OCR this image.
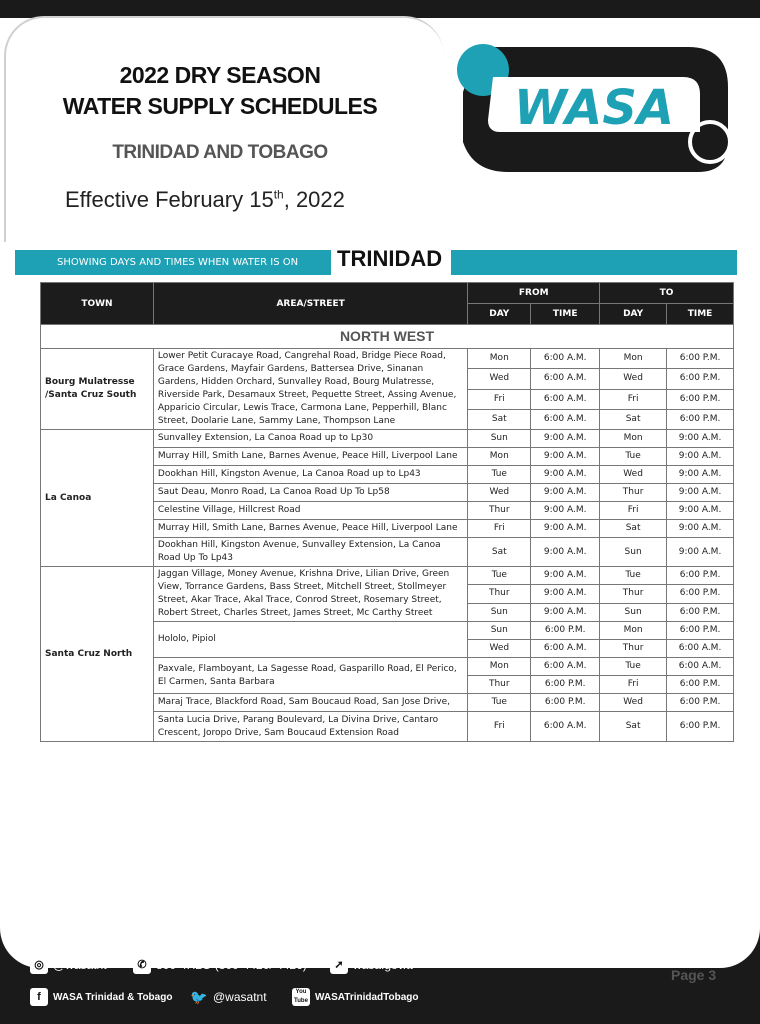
2022 DRY SEASON
WATER SUPPLY SCHEDULES
TRINIDAD AND TOBAGO
Effective February 15th, 2022
WASA
SHOWING DAYS AND TIMES WHEN WATER IS ON	TRINIDAD
TOWN	AREA/STREET	FROM		TO	
		DAY	TIME	DAY	TIME
NORTH WEST					
Bourg Mulatresse /Santa Cruz South	Lower Petit Curacaye Road, Cangrehal Road, Bridge Piece Road, Grace Gardens, Mayfair Gardens, Battersea Drive, Sinanan Gardens, Hidden Orchard, Sunvalley Road, Bourg Mulatresse, Riverside Park, Desamaux Street, Pequette Street, Assing Avenue, Apparicio Circular, Lewis Trace, Carmona Lane, Pepperhill, Blanc Street, Doolarie Lane, Sammy Lane, Thompson Lane	Mon	6:00 A.M.	Mon	6:00 P.M.
		Wed	6:00 A.M.	Wed	6:00 P.M.
		Fri	6:00 A.M.	Fri	6:00 P.M.
		Sat	6:00 A.M.	Sat	6:00 P.M.
La Canoa	Sunvalley Extension, La Canoa Road up to Lp30	Sun	9:00 A.M.	Mon	9:00 A.M.
	Murray Hill, Smith Lane, Barnes Avenue, Peace Hill, Liverpool Lane	Mon	9:00 A.M.	Tue	9:00 A.M.
	Dookhan Hill, Kingston Avenue, La Canoa Road up to Lp43	Tue	9:00 A.M.	Wed	9:00 A.M.
	Saut Deau, Monro Road, La Canoa Road Up To Lp58	Wed	9:00 A.M.	Thur	9:00 A.M.
	Celestine Village, Hillcrest Road	Thur	9:00 A.M.	Fri	9:00 A.M.
	Murray Hill, Smith Lane, Barnes Avenue, Peace Hill, Liverpool Lane	Fri	9:00 A.M.	Sat	9:00 A.M.
	Dookhan Hill, Kingston Avenue, Sunvalley Extension, La Canoa Road Up To Lp43	Sat	9:00 A.M.	Sun	9:00 A.M.
Santa Cruz North	Jaggan Village, Money Avenue, Krishna Drive, Lilian Drive, Green View, Torrance Gardens, Bass Street, Mitchell Street, Stollmeyer Street, Akar Trace, Akal Trace, Conrod Street, Rosemary Street, Robert Street, Charles Street, James Street, Mc Carthy Street	Tue	9:00 A.M.	Tue	6:00 P.M.
		Thur	9:00 A.M.	Thur	6:00 P.M.
		Sun	9:00 A.M.	Sun	6:00 P.M.
	Hololo, Pipiol	Sun	6:00 P.M.	Mon	6:00 P.M.
		Wed	6:00 A.M.	Thur	6:00 A.M.
	Paxvale, Flamboyant, La Sagesse Road, Gasparillo Road, El Perico, El Carmen, Santa Barbara	Mon	6:00 A.M.	Tue	6:00 A.M.
		Thur	6:00 P.M.	Fri	6:00 P.M.
	Maraj Trace, Blackford Road, Sam Boucaud Road, San Jose Drive,	Tue	6:00 P.M.	Wed	6:00 P.M.
	Santa Lucia Drive, Parang Boulevard, La Divina Drive, Cantaro Crescent, Joropo Drive, Sam Boucaud Extension Road	Fri	6:00 A.M.	Sat	6:00 P.M.
◎ @wasatnt	✆ 800-4H2O (800-4420/ 4426)	➚ wasa.gov.tt
f	WASA Trinidad & Tobago 🐦 @wasatnt	You Tube WASATrinidadTobago
Page 3
